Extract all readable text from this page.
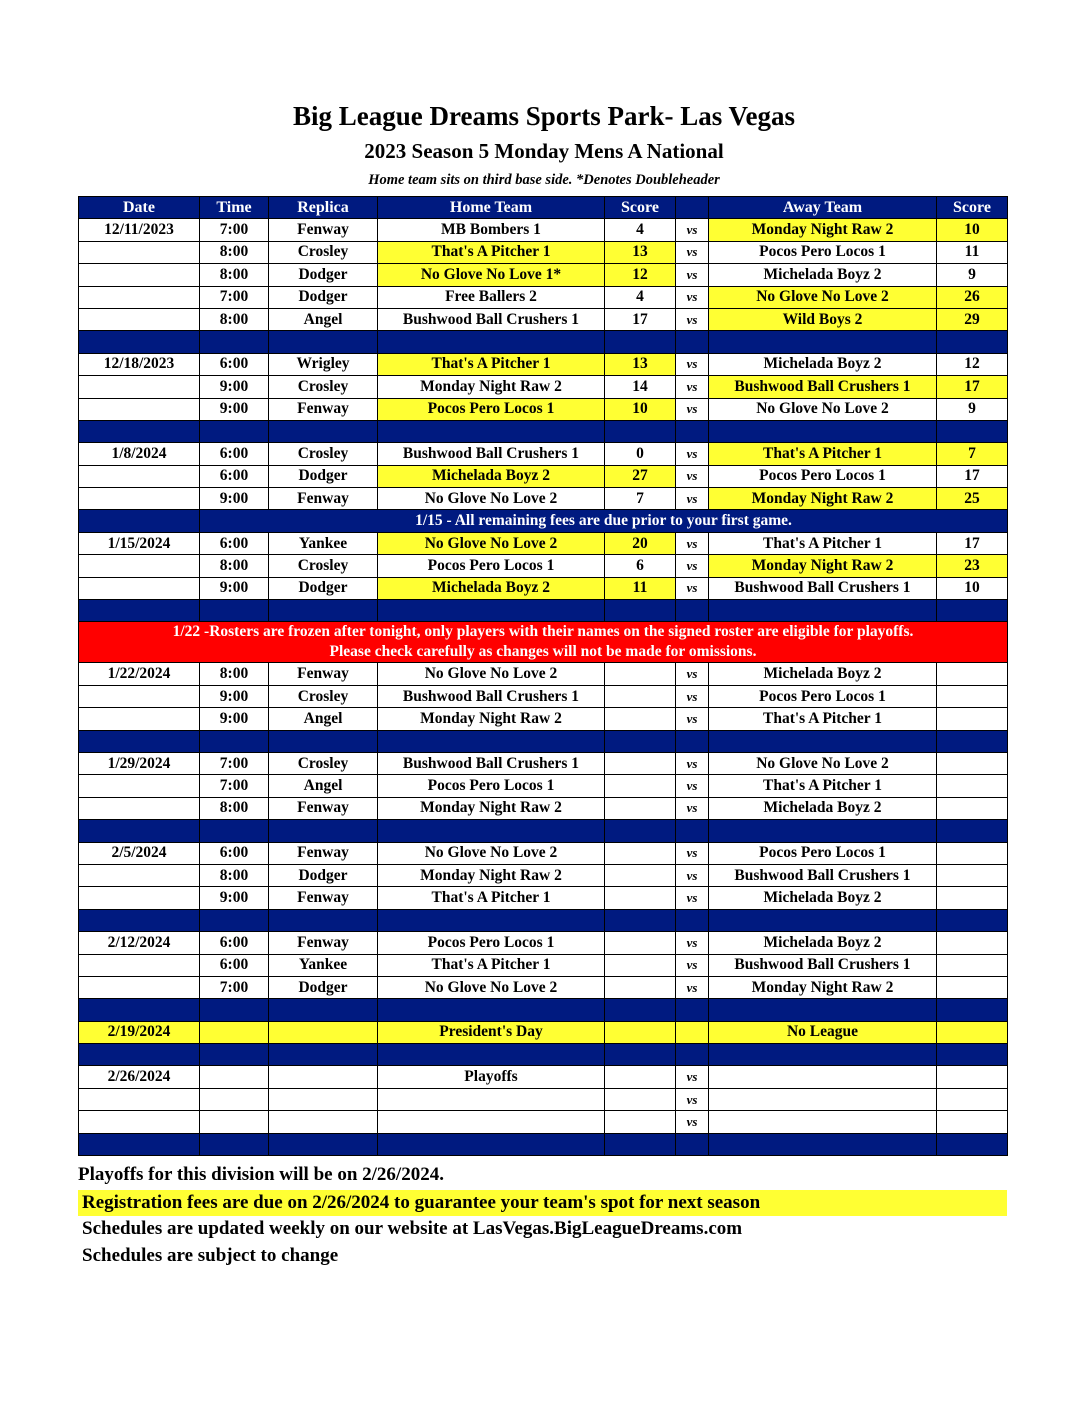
Big League Dreams Sports Park- Las Vegas
2023 Season 5 Monday Mens A National
Home team sits on third base side. *Denotes Doubleheader
Date	Time	Replica	Home Team	Score		Away Team	Score
12/11/2023	7:00	Fenway	MB Bombers 1	4	vs	Monday Night Raw 2	10
	8:00	Crosley	That's A Pitcher 1	13	vs	Pocos Pero Locos 1	11
	8:00	Dodger	No Glove No Love 1*	12	vs	Michelada Boyz 2	9
	7:00	Dodger	Free Ballers 2	4	vs	No Glove No Love 2	26
	8:00	Angel	Bushwood Ball Crushers 1	17	vs	Wild Boys 2	29

12/18/2023	6:00	Wrigley	That's A Pitcher 1	13	vs	Michelada Boyz 2	12
	9:00	Crosley	Monday Night Raw 2	14	vs	Bushwood Ball Crushers 1	17
	9:00	Fenway	Pocos Pero Locos 1	10	vs	No Glove No Love 2	9

1/8/2024	6:00	Crosley	Bushwood Ball Crushers 1	0	vs	That's A Pitcher 1	7
	6:00	Dodger	Michelada Boyz 2	27	vs	Pocos Pero Locos 1	17
	9:00	Fenway	No Glove No Love 2	7	vs	Monday Night Raw 2	25
	1/15 - All remaining fees are due prior to your first game.						
1/15/2024	6:00	Yankee	No Glove No Love 2	20	vs	That's A Pitcher 1	17
	8:00	Crosley	Pocos Pero Locos 1	6	vs	Monday Night Raw 2	23
	9:00	Dodger	Michelada Boyz 2	11	vs	Bushwood Ball Crushers 1	10

1/22 -Rosters are frozen after tonight, only players with their names on the signed roster are eligible for playoffs.
Please check carefully as changes will not be made for omissions.							

1/22/2024	8:00	Fenway	No Glove No Love 2		vs	Michelada Boyz 2	
	9:00	Crosley	Bushwood Ball Crushers 1		vs	Pocos Pero Locos 1	
	9:00	Angel	Monday Night Raw 2		vs	That's A Pitcher 1	

1/29/2024	7:00	Crosley	Bushwood Ball Crushers 1		vs	No Glove No Love 2	
	7:00	Angel	Pocos Pero Locos 1		vs	That's A Pitcher 1	
	8:00	Fenway	Monday Night Raw 2		vs	Michelada Boyz 2	

2/5/2024	6:00	Fenway	No Glove No Love 2		vs	Pocos Pero Locos 1	
	8:00	Dodger	Monday Night Raw 2		vs	Bushwood Ball Crushers 1	
	9:00	Fenway	That's A Pitcher 1		vs	Michelada Boyz 2	

2/12/2024	6:00	Fenway	Pocos Pero Locos 1		vs	Michelada Boyz 2	
	6:00	Yankee	That's A Pitcher 1		vs	Bushwood Ball Crushers 1	
	7:00	Dodger	No Glove No Love 2		vs	Monday Night Raw 2	

2/19/2024			President's Day			No League	

2/26/2024			Playoffs		vs		
					vs		
					vs		

Playoffs for this division will be on 2/26/2024.
Registration fees are due on 2/26/2024 to guarantee your team's spot for next season
Schedules are updated weekly on our website at LasVegas.BigLeagueDreams.com
Schedules are subject to change
